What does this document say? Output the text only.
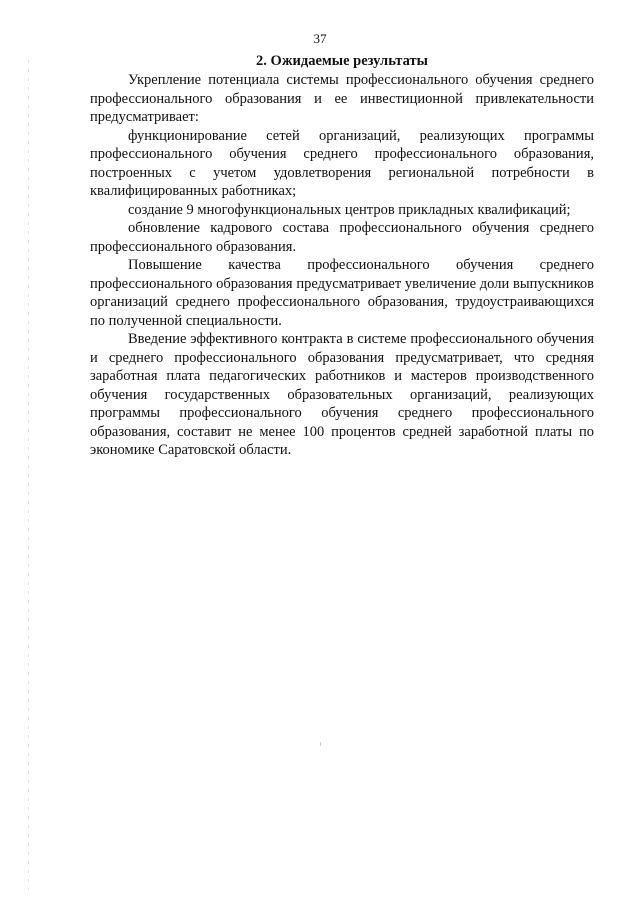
37
2. Ожидаемые результаты

Укрепление потенциала системы профессионального обучения среднего профессионального образования и ее инвестиционной привлекательности предусматривает:

функционирование сетей организаций, реализующих программы профессионального обучения среднего профессионального образования, построенных с учетом удовлетворения региональной потребности в квалифицированных работниках;

создание 9 многофункциональных центров прикладных квалификаций;

обновление кадрового состава профессионального обучения среднего профессионального образования.

Повышение качества профессионального обучения среднего профессионального образования предусматривает увеличение доли выпускников организаций среднего профессионального образования, трудоустраивающихся по полученной специальности.

Введение эффективного контракта в системе профессионального обучения и среднего профессионального образования предусматривает, что средняя заработная плата педагогических работников и мастеров производственного обучения государственных образовательных организаций, реализующих программы профессионального обучения среднего профессионального образования, составит не менее 100 процентов средней заработной платы по экономике Саратовской области.
